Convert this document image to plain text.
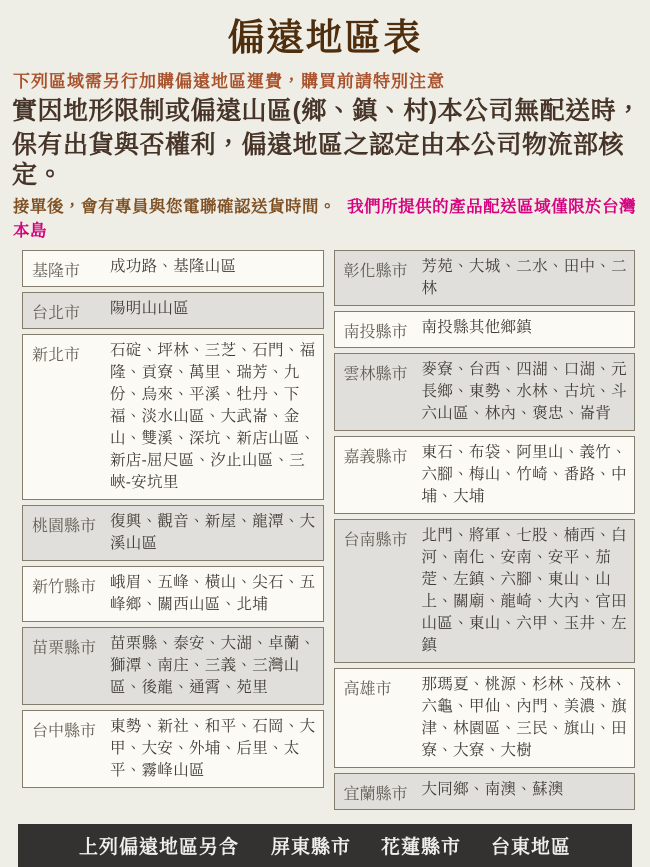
偏遠地區表
下列區域需另行加購偏遠地區運費，購買前請特別注意
實因地形限制或偏遠山區(鄉、鎮、村)本公司無配送時，
保有出貨與否權利，偏遠地區之認定由本公司物流部核定。
接單後，會有專員與您電聯確認送貨時間。 我們所提供的產品配送區域僅限於台灣本島
基隆市	成功路、基隆山區
台北市	陽明山山區
新北市	石碇、坪林、三芝、石門、福隆、貢寮、萬里、瑞芳、九份、烏來、平溪、牡丹、下福、淡水山區、大武崙、金山、雙溪、深坑、新店山區、新店-屈尺區、汐止山區、三峽-安坑里
桃園縣市 復興、觀音、新屋、龍潭、大溪山區
新竹縣市 峨眉、五峰、橫山、尖石、五峰鄉、關西山區、北埔
苗栗縣市 苗栗縣、泰安、大湖、卓蘭、獅潭、南庄、三義、三灣山區、後龍、通霄、苑里
台中縣市 東勢、新社、和平、石岡、大甲、大安、外埔、后里、太平、霧峰山區
彰化縣市 芳苑、大城、二水、田中、二林
南投縣市 南投縣其他鄉鎮
雲林縣市 麥寮、台西、四湖、口湖、元長鄉、東勢、水林、古坑、斗六山區、林內、褒忠、崙背
嘉義縣市 東石、布袋、阿里山、義竹、六腳、梅山、竹崎、番路、中埔、大埔
台南縣市 北門、將軍、七股、楠西、白河、南化、安南、安平、茄萣、左鎮、六腳、東山、山上、關廟、龍崎、大內、官田山區、東山、六甲、玉井、左鎮
高雄市	那瑪夏、桃源、杉林、茂林、六龜、甲仙、內門、美濃、旗津、林園區、三民、旗山、田寮、大寮、大樹
宜蘭縣市 大同鄉、南澳、蘇澳
上列偏遠地區另含 屏東縣市 花蓮縣市 台東地區
